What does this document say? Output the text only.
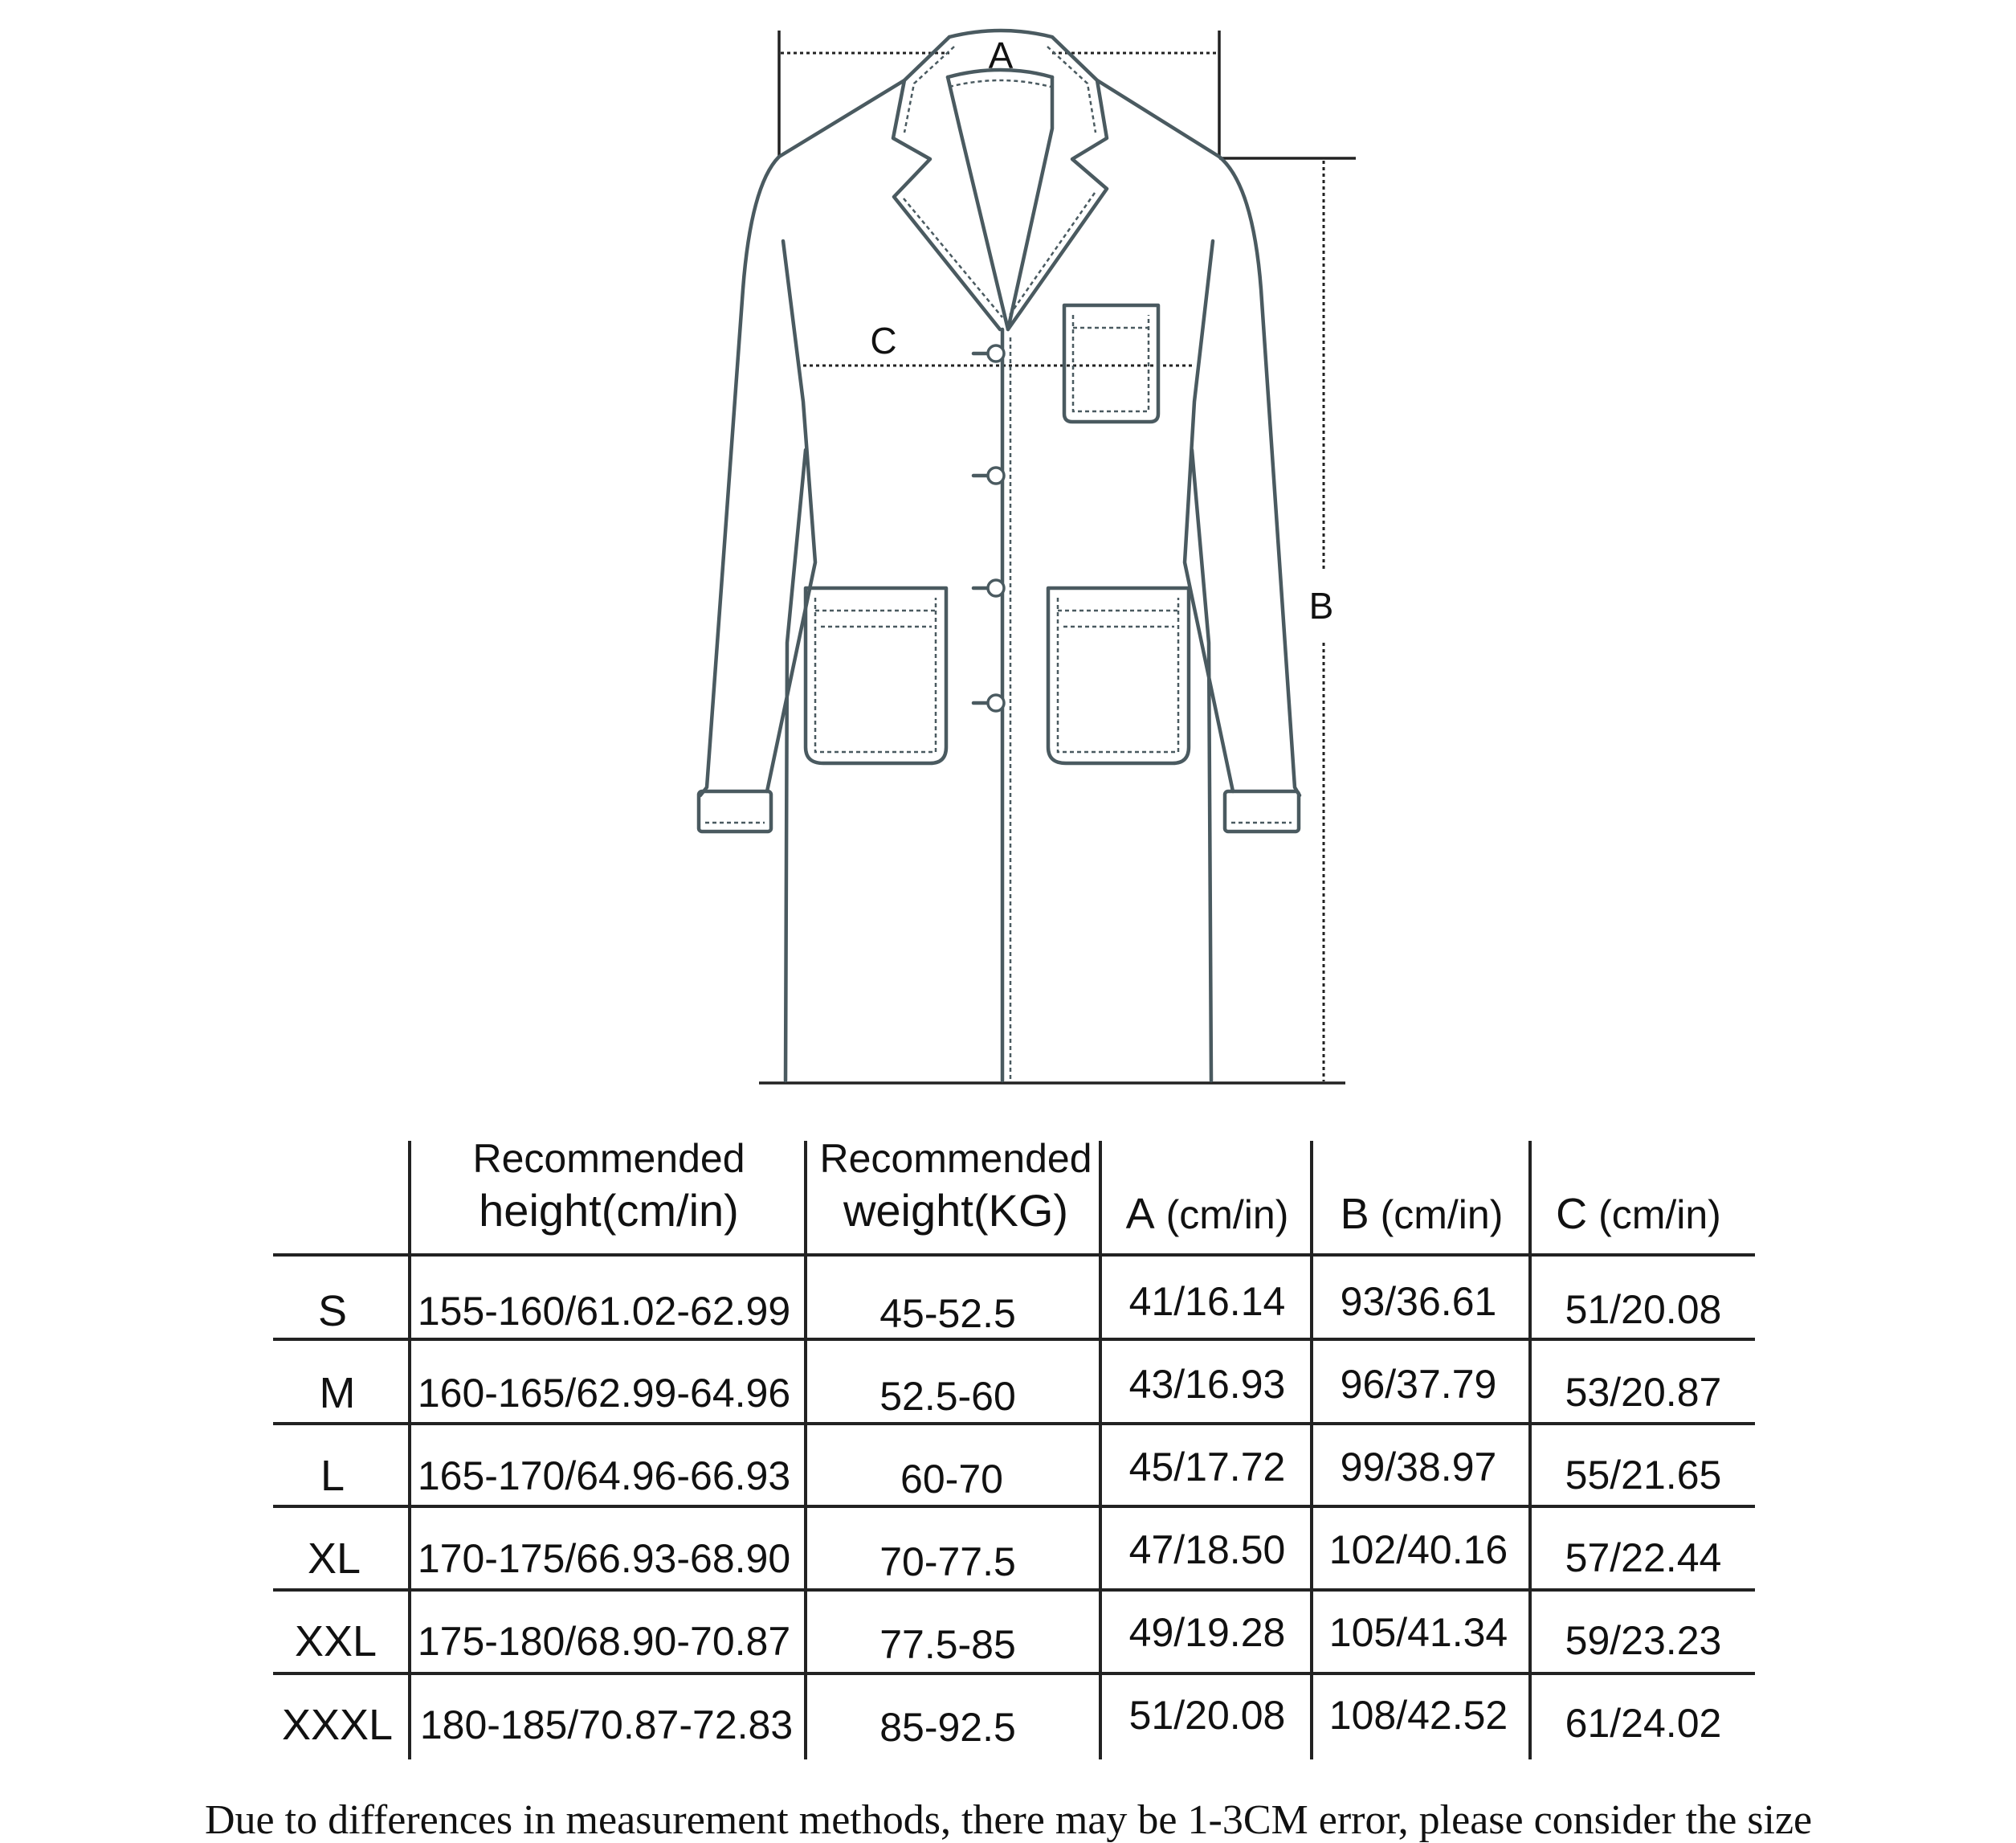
A
B
C
Recommended
height(cm/in)
Recommended
weight(KG)	A (cm/in) B (cm/in) C (cm/in)
S 155-160/61.02-62.99 45-52.5	41/16.14 93/36.61 51/20.08
M 160-165/62.99-64.96 52.5-60	43/16.93 96/37.79 53/20.87
L 165-170/64.96-66.93	60-70	45/17.72 99/38.97 55/21.65
XL 170-175/66.93-68.90 70-77.5	47/18.50 102/40.16 57/22.44
XXL 175-180/68.90-70.87 77.5-85	49/19.28 105/41.34 59/23.23
XXXL 180-185/70.87-72.83 85-92.5	51/20.08 108/42.52 61/24.02
Due to differences in measurement methods, there may be 1-3CM error, please consider the size
